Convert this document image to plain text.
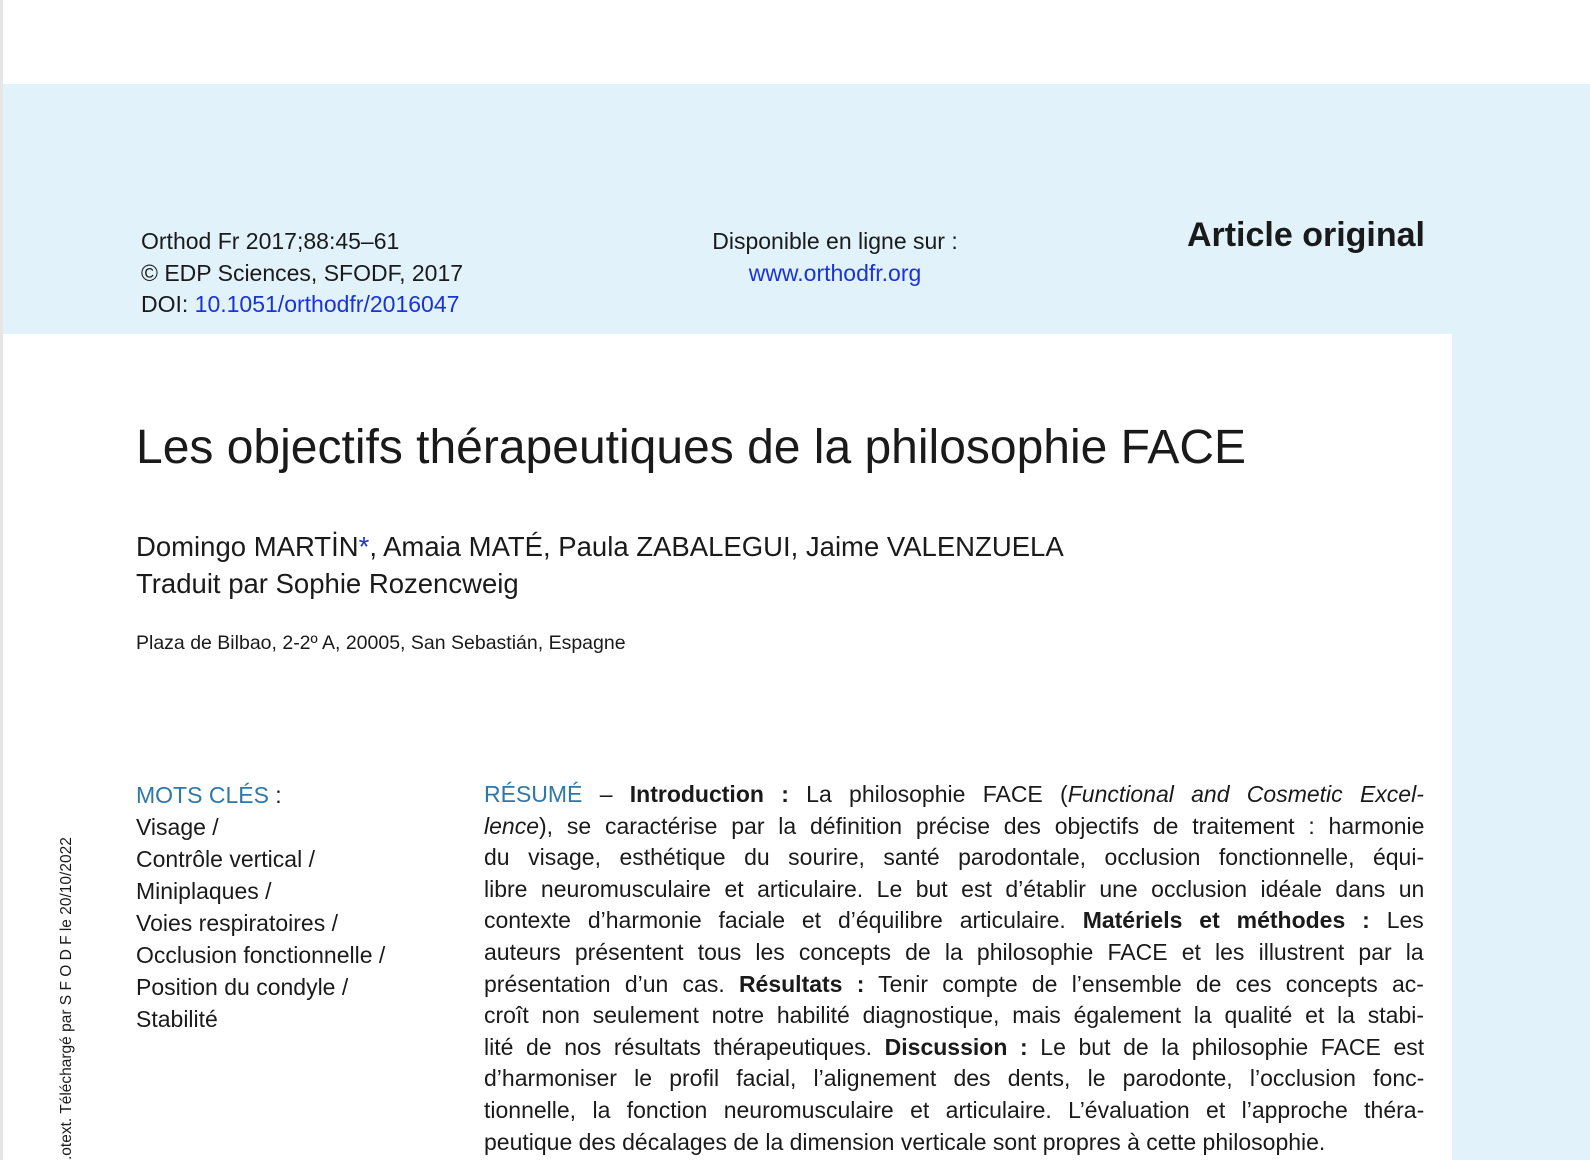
Orthod Fr 2017;88:45–61
© EDP Sciences, SFODF, 2017
DOI: 10.1051/orthodfr/2016047
Disponible en ligne sur :
www.orthodfr.org
Article original
Les objectifs thérapeutiques de la philosophie FACE
Domingo MARTİN*, Amaia MATÉ, Paula ZABALEGUI, Jaime VALENZUELA
Traduit par Sophie Rozencweig
Plaza de Bilbao, 2-2º A, 20005, San Sebastián, Espagne
MOTS CLÉS :
Visage /
Contrôle vertical /
Miniplaques /
Voies respiratoires /
Occlusion fonctionnelle /
Position du condyle /
Stabilité
RÉSUMÉ – Introduction : La philosophie FACE (Functional and Cosmetic Excel-
lence), se caractérise par la définition précise des objectifs de traitement : harmonie
du visage, esthétique du sourire, santé parodontale, occlusion fonctionnelle, équi-
libre neuromusculaire et articulaire. Le but est d’établir une occlusion idéale dans un
contexte d’harmonie faciale et d’équilibre articulaire. Matériels et méthodes : Les
auteurs présentent tous les concepts de la philosophie FACE et les illustrent par la
présentation d’un cas. Résultats : Tenir compte de l’ensemble de ces concepts ac-
croît non seulement notre habilité diagnostique, mais également la qualité et la stabi-
lité de nos résultats thérapeutiques. Discussion : Le but de la philosophie FACE est
d’harmoniser le profil facial, l’alignement des dents, le parodonte, l’occlusion fonc-
tionnelle, la fonction neuromusculaire et articulaire. L’évaluation et l’approche théra-
peutique des décalages de la dimension verticale sont propres à cette philosophie.
otext. Téléchargé par S F O D F le 20/10/2022.
